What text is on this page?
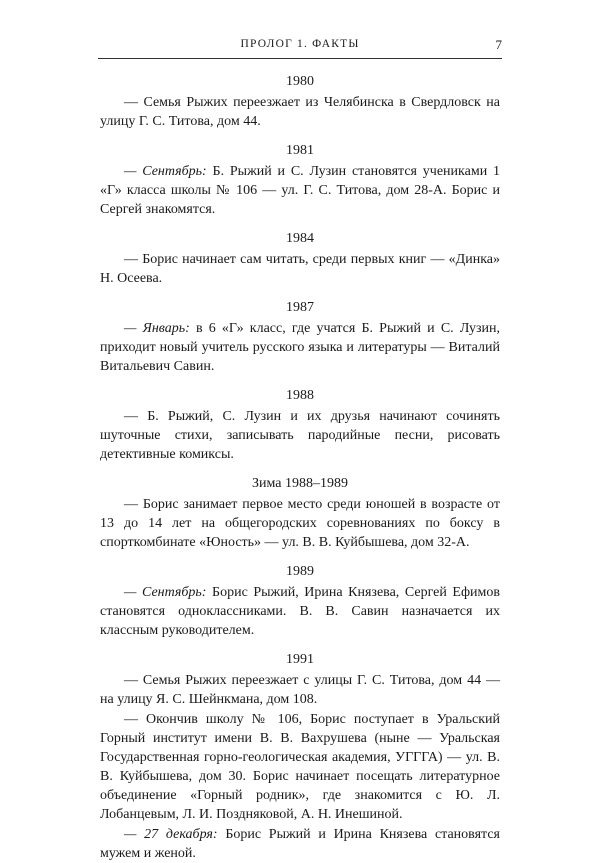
ПРОЛОГ 1. ФАКТЫ	7
1980

— Семья Рыжих переезжает из Челябинска в Свердловск на улицу Г. С. Титова, дом 44.

1981

— Сентябрь: Б. Рыжий и С. Лузин становятся учениками 1 «Г» класса школы № 106 — ул. Г. С. Титова, дом 28-А. Борис и Сергей знакомятся.

1984

— Борис начинает сам читать, среди первых книг — «Динка» Н. Осеева.

1987

— Январь: в 6 «Г» класс, где учатся Б. Рыжий и С. Лузин, приходит новый учитель русского языка и литературы — Виталий Витальевич Савин.

1988

— Б. Рыжий, С. Лузин и их друзья начинают сочинять шуточные стихи, записывать пародийные песни, рисовать детективные комиксы.

Зима 1988–1989

— Борис занимает первое место среди юношей в возрасте от 13 до 14 лет на общегородских соревнованиях по боксу в спорткомбинате «Юность» — ул. В. В. Куйбышева, дом 32-А.

1989

— Сентябрь: Борис Рыжий, Ирина Князева, Сергей Ефимов становятся одноклассниками. В. В. Савин назначается их классным руководителем.

1991

— Семья Рыжих переезжает с улицы Г. С. Титова, дом 44 — на улицу Я. С. Шейнкмана, дом 108.

— Окончив школу № 106, Борис поступает в Уральский Горный институт имени В. В. Вахрушева (ныне — Уральская Государственная горно-геологическая академия, УГГГА) — ул. В. В. Куйбышева, дом 30. Борис начинает посещать литературное объединение «Горный родник», где знакомится с Ю. Л. Лобанцевым, Л. И. Поздняковой, А. Н. Инешиной.

— 27 декабря: Борис Рыжий и Ирина Князева становятся мужем и женой.
